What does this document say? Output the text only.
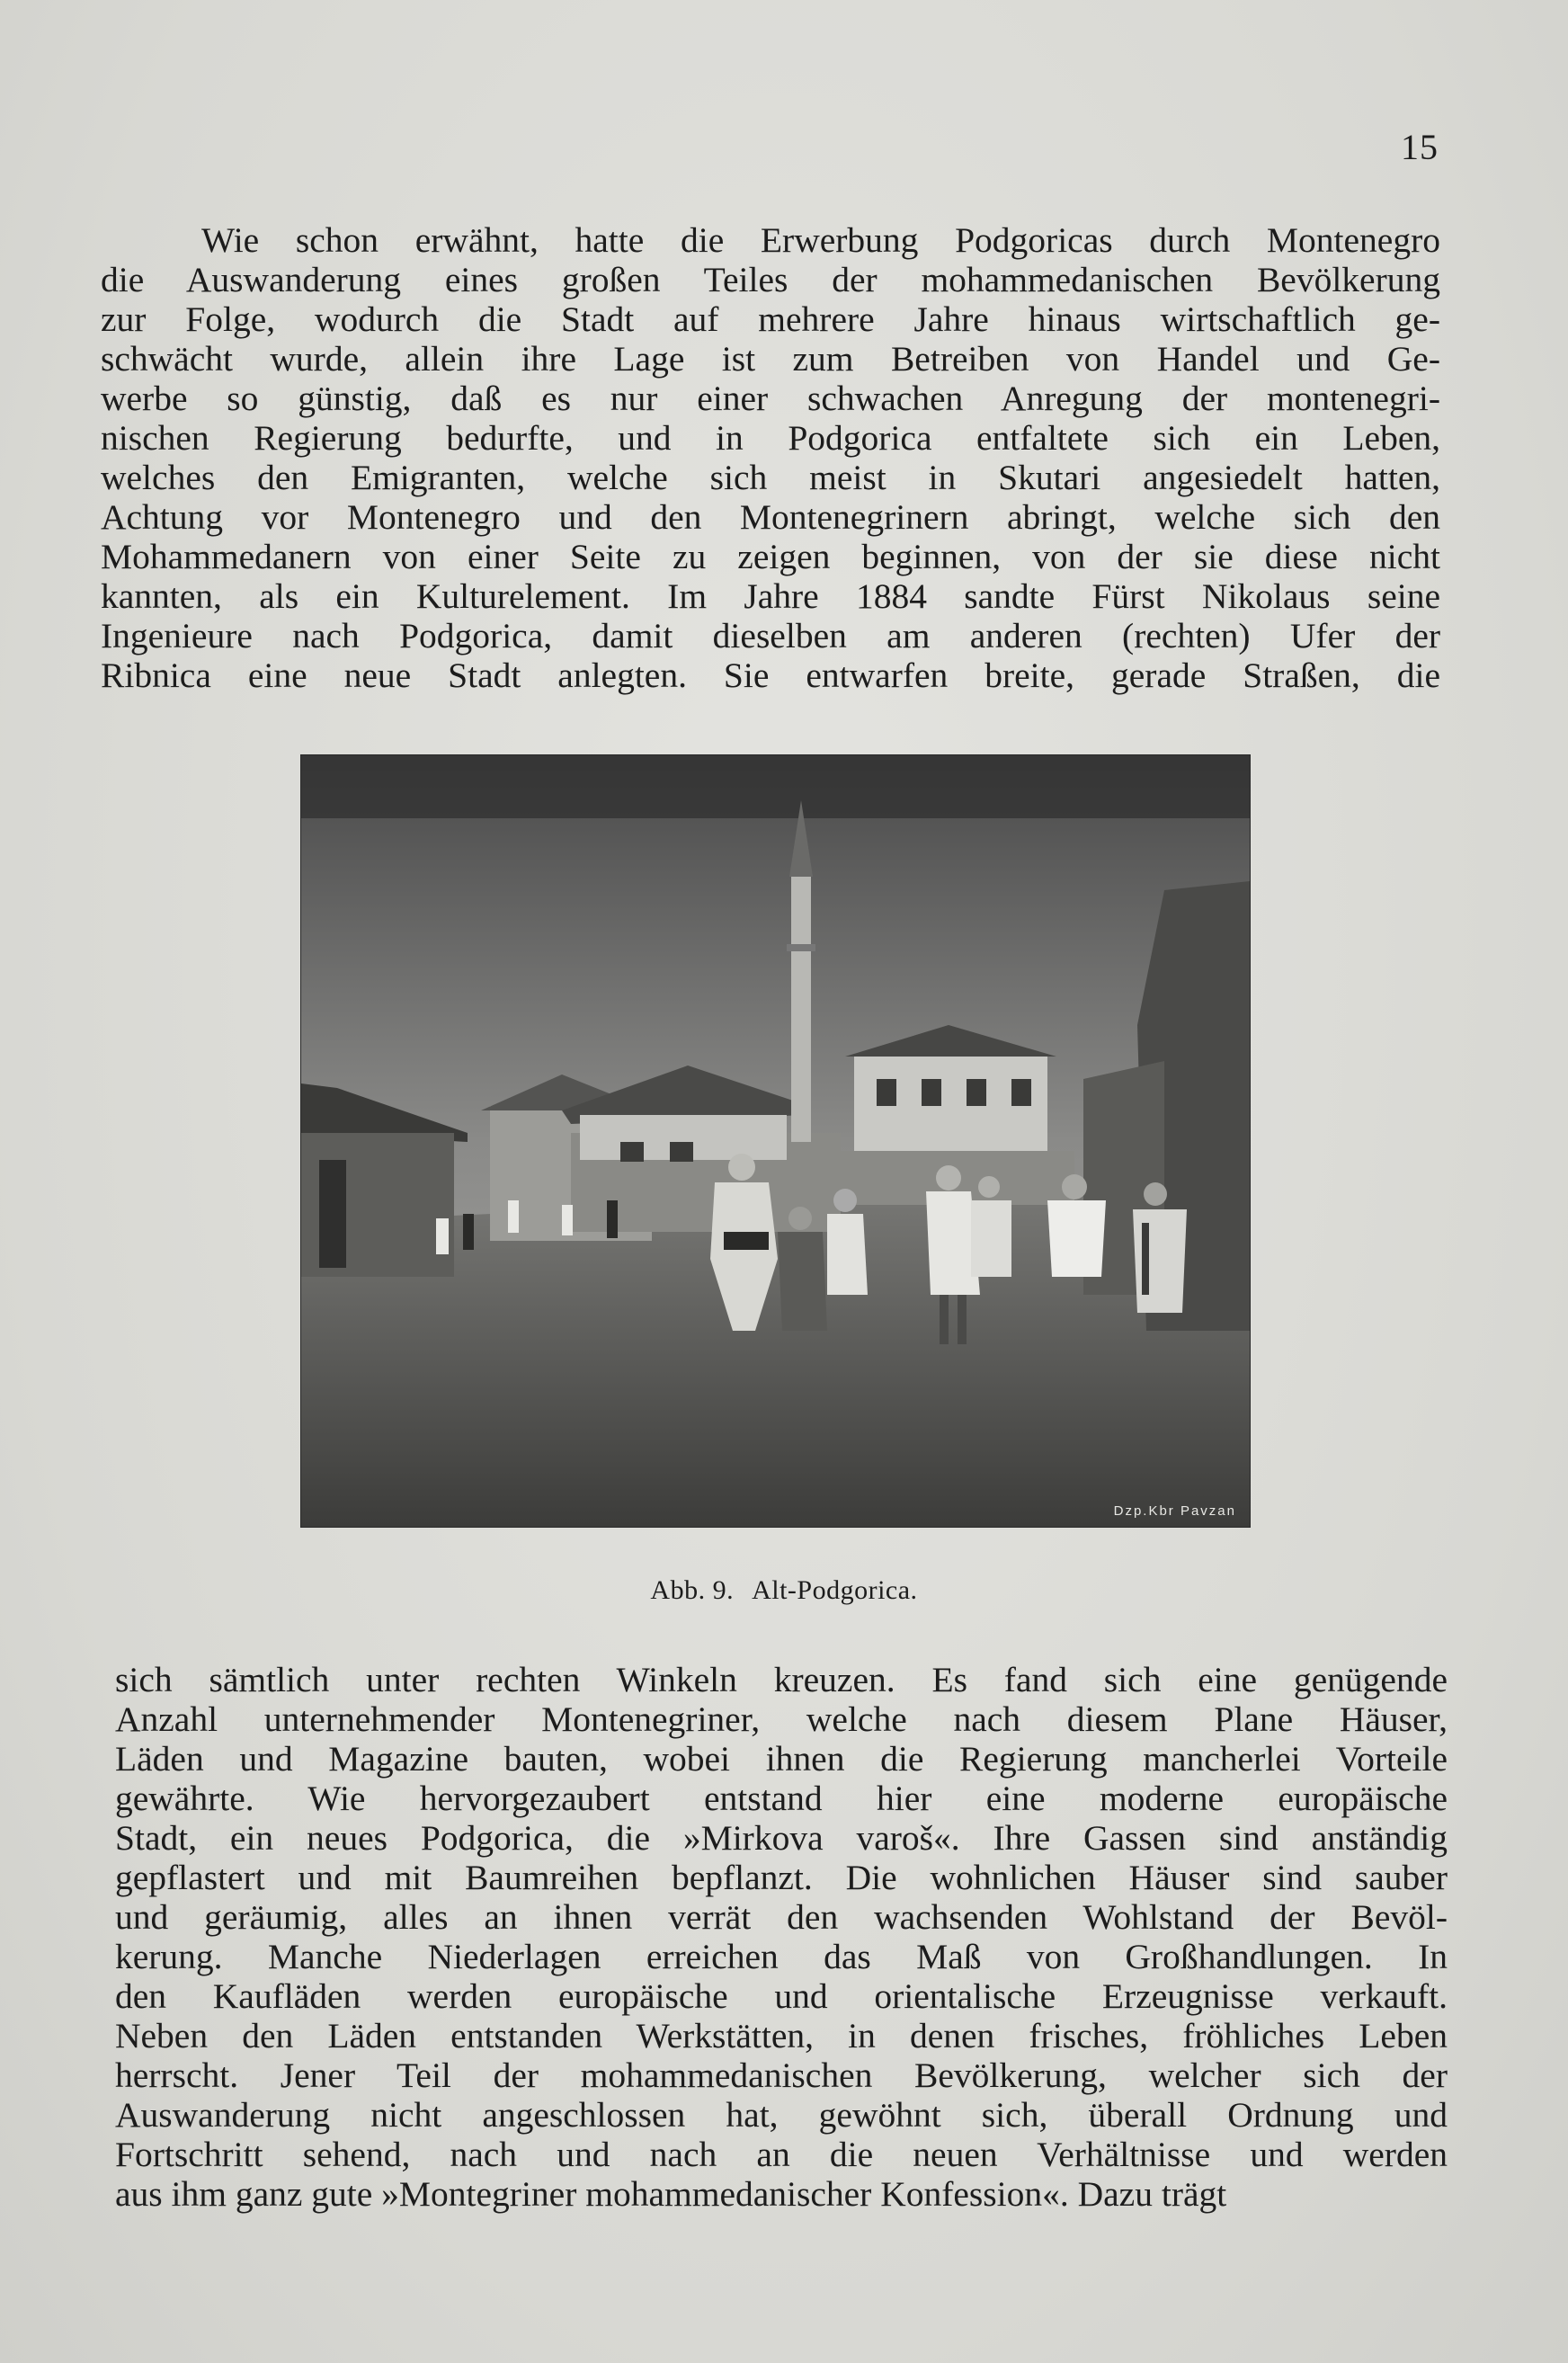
15
Wie schon erwähnt, hatte die Erwerbung Podgoricas durch Montenegro
die Auswanderung eines großen Teiles der mohammedanischen Bevölkerung
zur Folge, wodurch die Stadt auf mehrere Jahre hinaus wirtschaftlich ge-
schwächt wurde, allein ihre Lage ist zum Betreiben von Handel und Ge-
werbe so günstig, daß es nur einer schwachen Anregung der montenegri-
nischen Regierung bedurfte, und in Podgorica entfaltete sich ein Leben,
welches den Emigranten, welche sich meist in Skutari angesiedelt hatten,
Achtung vor Montenegro und den Montenegrinern abringt, welche sich den
Mohammedanern von einer Seite zu zeigen beginnen, von der sie diese nicht
kannten, als ein Kulturelement. Im Jahre 1884 sandte Fürst Nikolaus seine
Ingenieure nach Podgorica, damit dieselben am anderen (rechten) Ufer der
Ribnica eine neue Stadt anlegten. Sie entwarfen breite, gerade Straßen, die
Dzp.Kbr Pavzan
Abb. 9. Alt-Podgorica.
sich sämtlich unter rechten Winkeln kreuzen. Es fand sich eine genügende
Anzahl unternehmender Montenegriner, welche nach diesem Plane Häuser,
Läden und Magazine bauten, wobei ihnen die Regierung mancherlei Vorteile
gewährte. Wie hervorgezaubert entstand hier eine moderne europäische
Stadt, ein neues Podgorica, die »Mirkova varoš«. Ihre Gassen sind anständig
gepflastert und mit Baumreihen bepflanzt. Die wohnlichen Häuser sind sauber
und geräumig, alles an ihnen verrät den wachsenden Wohlstand der Bevöl-
kerung. Manche Niederlagen erreichen das Maß von Großhandlungen. In
den Kaufläden werden europäische und orientalische Erzeugnisse verkauft.
Neben den Läden entstanden Werkstätten, in denen frisches, fröhliches Leben
herrscht. Jener Teil der mohammedanischen Bevölkerung, welcher sich der
Auswanderung nicht angeschlossen hat, gewöhnt sich, überall Ordnung und
Fortschritt sehend, nach und nach an die neuen Verhältnisse und werden
aus ihm ganz gute »Montegriner mohammedanischer Konfession«. Dazu trägt
